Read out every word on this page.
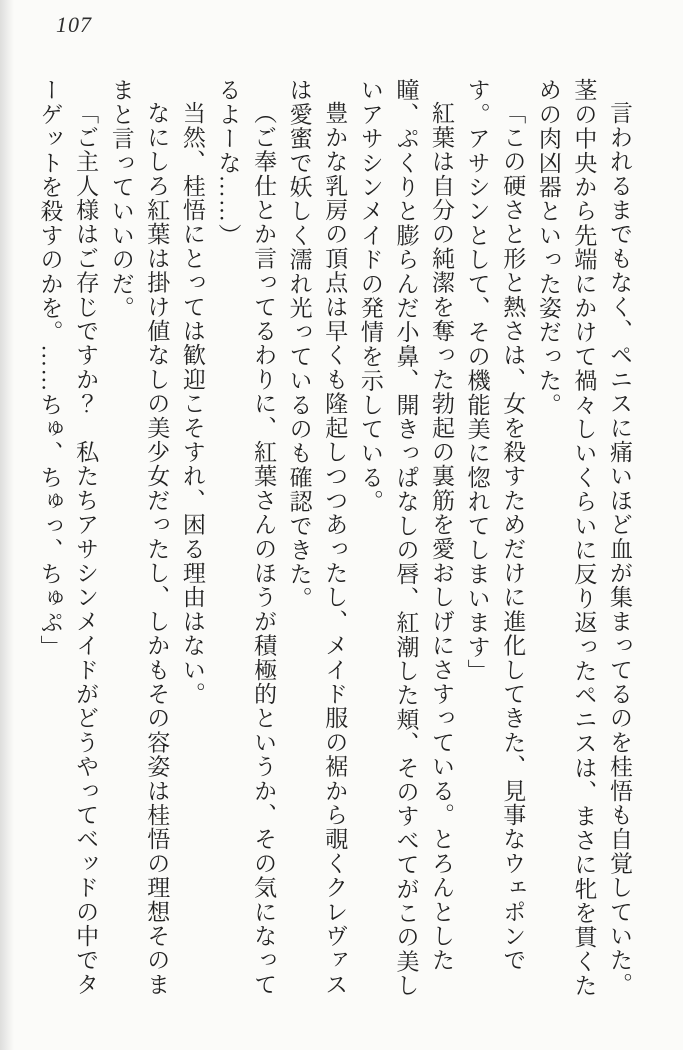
107

言われるまでもなく、ペニスに痛いほど血が集まってるのを桂悟も自覚していた。茎の中央から先端にかけて禍々しいくらいに反り返ったペニスは、まさに牝を貫くための肉凶器といった姿だった。

「この硬さと形と熱さは、女を殺すためだけに進化してきた、見事なウェポンです。アサシンとして、その機能美に惚れてしまいます」

紅葉は自分の純潔を奪った勃起の裏筋を愛おしげにさすっている。とろんとした瞳、ぷくりと膨らんだ小鼻、開きっぱなしの唇、紅潮した頬、そのすべてがこの美しいアサシンメイドの発情を示している。

豊かな乳房の頂点は早くも隆起しつつあったし、メイド服の裾から覗くクレヴァスは愛蜜で妖しく濡れ光っているのも確認できた。

（ご奉仕とか言ってるわりに、紅葉さんのほうが積極的というか、その気になってるよーな……）

当然、桂悟にとっては歓迎こそすれ、困る理由はない。

なにしろ紅葉は掛け値なしの美少女だったし、しかもその容姿は桂悟の理想そのままと言っていいのだ。

「ご主人様はご存じですか？　私たちアサシンメイドがどうやってベッドの中でターゲットを殺すのかを。……ちゅ、ちゅっ、ちゅぷ」
